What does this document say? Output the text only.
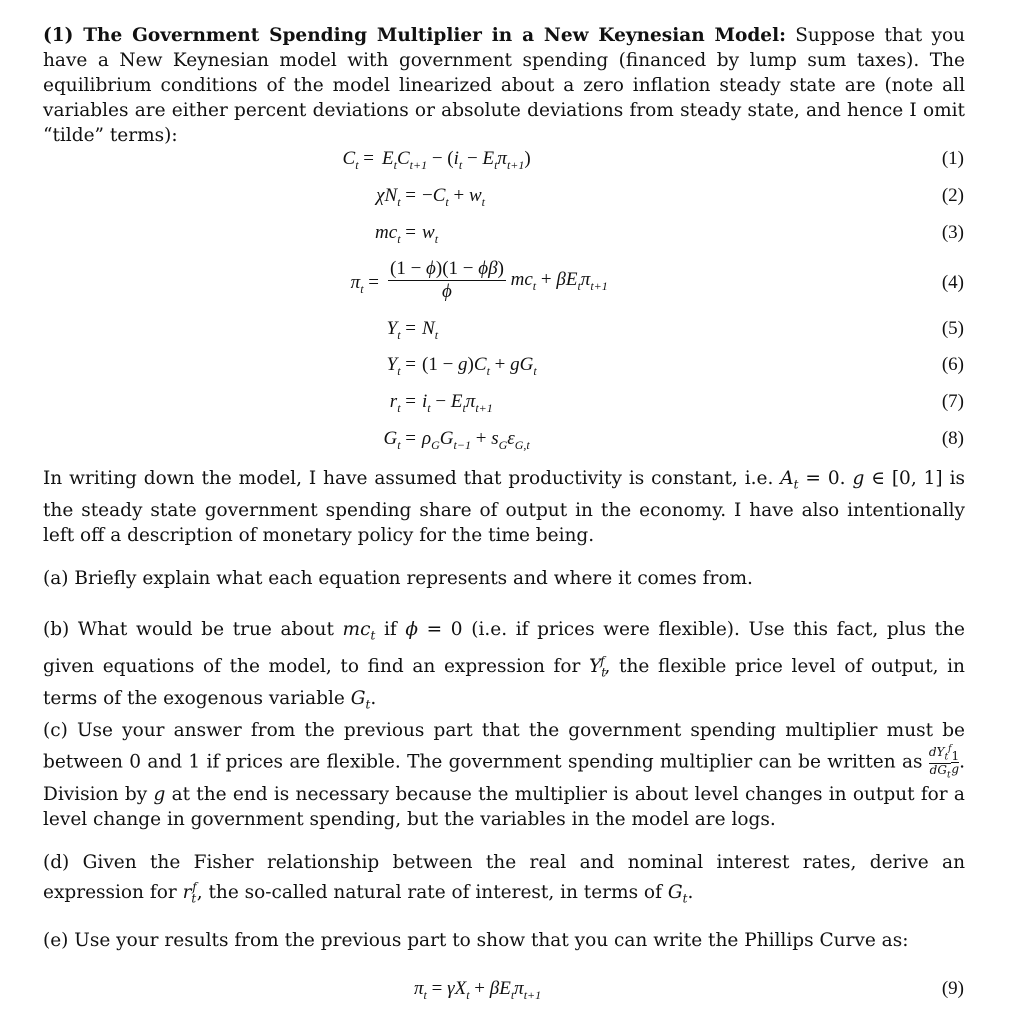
(1) The Government Spending Multiplier in a New Keynesian Model: Suppose that you have a New Keynesian model with government spending (financed by lump sum taxes). The equilibrium conditions of the model linearized about a zero inflation steady state are (note all variables are either percent deviations or absolute deviations from steady state, and hence I omit “tilde” terms):
$C_t = E_tC_{t+1} - (i_t - E_t\pi_{t+1})$	(1)
$\chi N_t = -C_t + w_t$	(2)
$mc_t = w_t$	(3)
$\pi_t = \frac{(1 - \phi)(1 - \phi\beta)}{\phi} mc_t + \beta E_t\pi_{t+1}$	(4)
$Y_t = N_t$	(5)
$Y_t = (1 - g)C_t + gG_t$	(6)
$r_t = i_t - E_t\pi_{t+1}$	(7)
$G_t = \rho_GG_{t-1} + s_G\varepsilon_{G,t}$	(8)
In writing down the model, I have assumed that productivity is constant, i.e. $A_t = 0$. g ∈ [0, 1] is the steady state government spending share of output in the economy. I have also intentionally left off a description of monetary policy for the time being.
(a) Briefly explain what each equation represents and where it comes from.
(b) What would be true about $mc_t$ if ϕ = 0 (i.e. if prices were flexible). Use this fact, plus the given equations of the model, to find an expression for $Y_t^f$, the flexible price level of output, in terms of the exogenous variable $G_t$.
(c) Use your answer from the previous part that the government spending multiplier must be between 0 and 1 if prices are flexible. The government spending multiplier can be written as $dY_t^f$
$dG_t$
$\frac{1}{g}$. Division by g at the end is necessary because the multiplier is about level changes in output for a level change in government spending, but the variables in the model are logs.
(d) Given the Fisher relationship between the real and nominal interest rates, derive an expression for $r_t^f$, the so-called natural rate of interest, in terms of $G_t$.
(e) Use your results from the previous part to show that you can write the Phillips Curve as:
$\pi_t = \gamma X_t + \beta E_t\pi_{t+1}$	(9)
